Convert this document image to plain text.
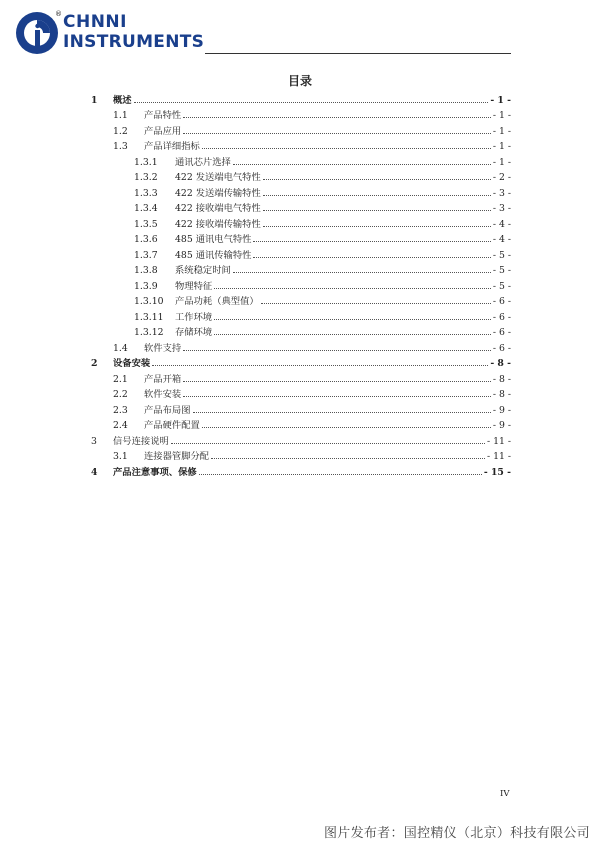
® CHNNI
INSTRUMENTS
目录
1	概述	- 1 -
1.1	产品特性	- 1 -
1.2	产品应用	- 1 -
1.3	产品详细指标	- 1 -
1.3.1	通讯芯片选择	- 1 -
1.3.2	422 发送端电气特性	- 2 -
1.3.3	422 发送端传输特性	- 3 -
1.3.4	422 接收端电气特性	- 3 -
1.3.5	422 接收端传输特性	- 4 -
1.3.6	485 通讯电气特性	- 4 -
1.3.7	485 通讯传输特性	- 5 -
1.3.8	系统稳定时间	- 5 -
1.3.9	物理特征	- 5 -
1.3.10	产品功耗（典型值）	- 6 -
1.3.11	工作环境	- 6 -
1.3.12	存储环境	- 6 -
1.4	软件支持	- 6 -
2	设备安装	- 8 -
2.1	产品开箱	- 8 -
2.2	软件安装	- 8 -
2.3	产品布局图	- 9 -
2.4	产品硬件配置	- 9 -
3	信号连接说明	- 11 -
3.1	连接器管脚分配	- 11 -
4	产品注意事项、保修	- 15 -
IV
图片发布者：国控精仪（北京）科技有限公司
